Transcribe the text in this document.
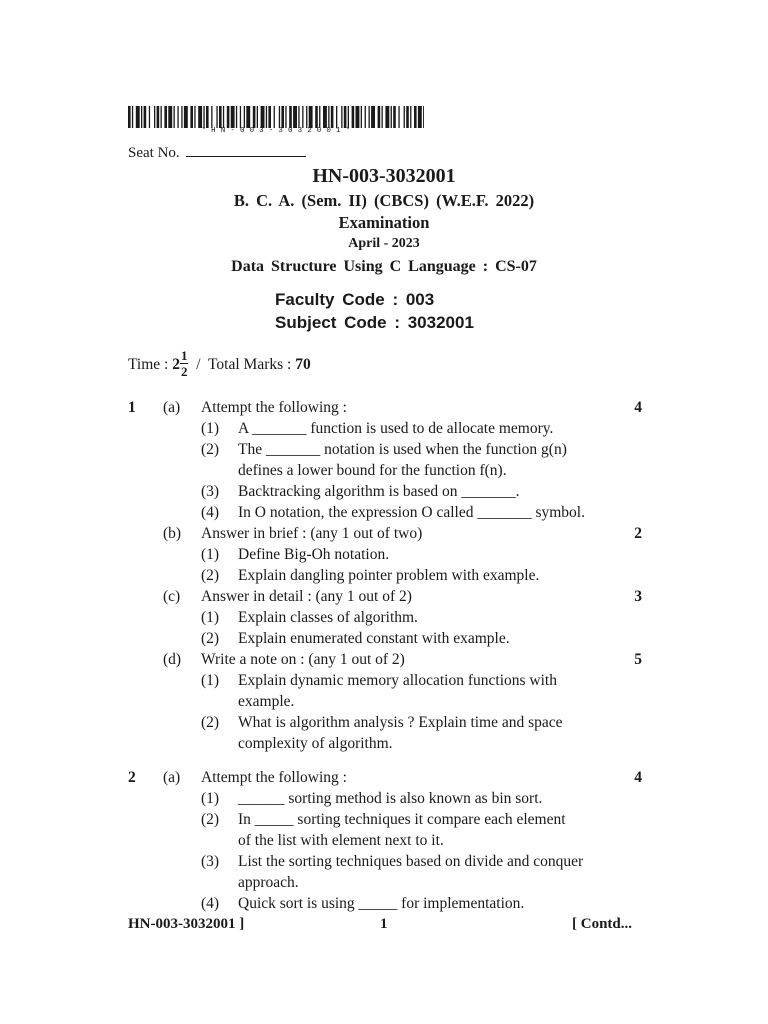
* H N - 0 0 3 - 3 0 3 2 0 0 1 *
Seat No.
HN-003-3032001
B. C. A. (Sem. II) (CBCS) (W.E.F. 2022)
Examination
April - 2023
Data Structure Using C Language : CS-07
Faculty Code : 003
Subject Code : 3032001
Time : $2 \frac{1}{2}$ / Total Marks : 70
1 (a) Attempt the following :	4
(1) A _______ function is used to de allocate memory.
(2) The _______ notation is used when the function g(n)
defines a lower bound for the function f(n).
(3) Backtracking algorithm is based on _______.
(4) In O notation, the expression O called _______ symbol.
(b) Answer in brief : (any 1 out of two)	2
(1) Define Big-Oh notation.
(2) Explain dangling pointer problem with example.
(c) Answer in detail : (any 1 out of 2)	3
(1) Explain classes of algorithm.
(2) Explain enumerated constant with example.
(d) Write a note on : (any 1 out of 2)	5
(1) Explain dynamic memory allocation functions with
example.
(2) What is algorithm analysis ? Explain time and space
complexity of algorithm.
2 (a) Attempt the following :	4
(1) ______ sorting method is also known as bin sort.
(2) In _____ sorting techniques it compare each element
of the list with element next to it.
(3) List the sorting techniques based on divide and conquer
approach.
(4) Quick sort is using _____ for implementation.
HN-003-3032001 ]	1	[ Contd...
